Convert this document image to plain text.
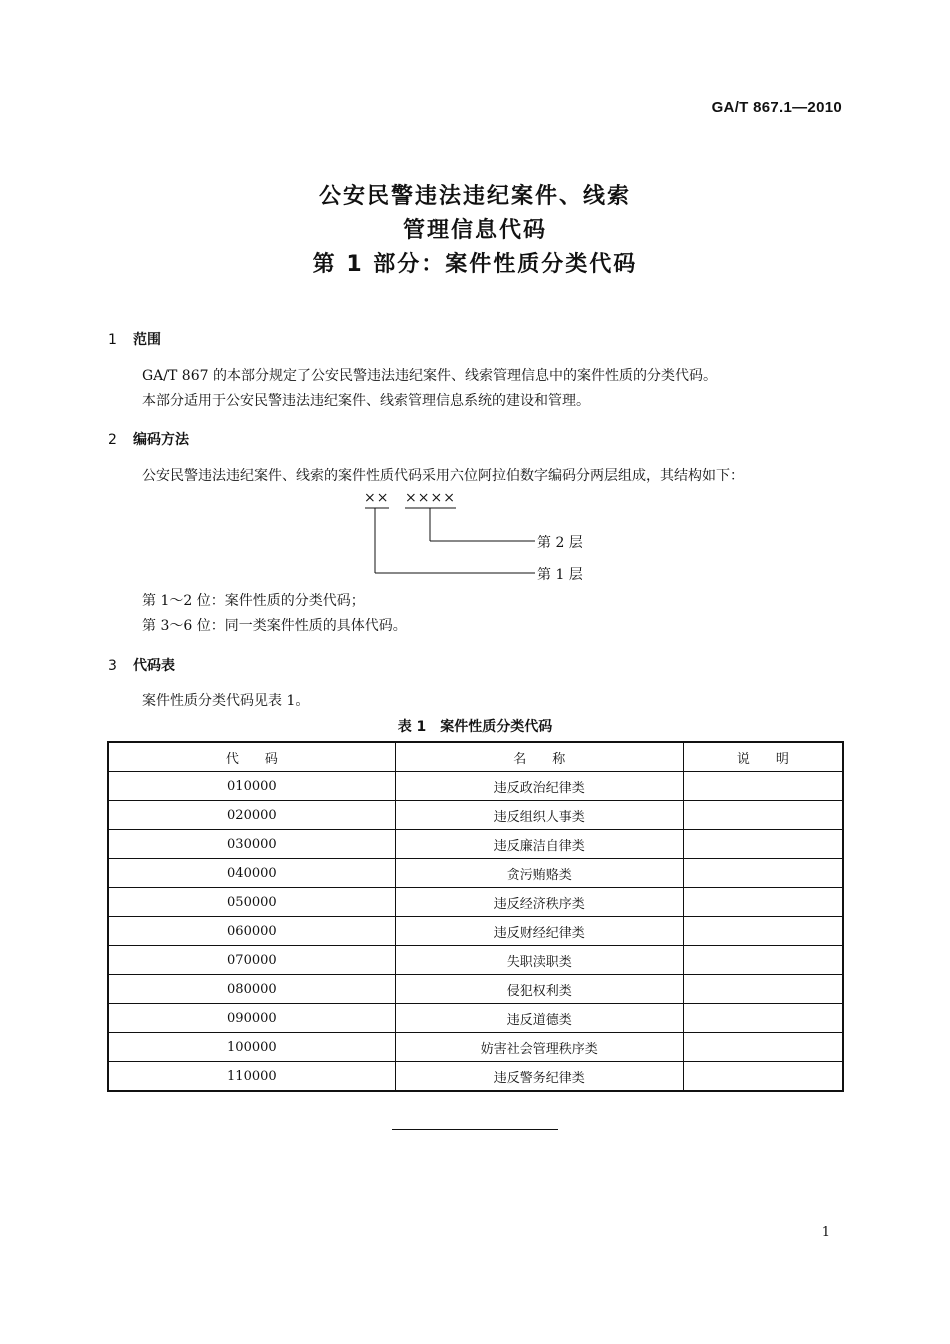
GA/T 867.1—2010
公安民警违法违纪案件、线索
管理信息代码
第 1 部分：案件性质分类代码
1 范围
GA/T 867 的本部分规定了公安民警违法违纪案件、线索管理信息中的案件性质的分类代码。
本部分适用于公安民警违法违纪案件、线索管理信息系统的建设和管理。
2 编码方法
公安民警违法违纪案件、线索的案件性质代码采用六位阿拉伯数字编码分两层组成，其结构如下：
×× ××××
第 2 层
第 1 层
第 1～2 位：案件性质的分类代码；
第 3～6 位：同一类案件性质的具体代码。
3 代码表
案件性质分类代码见表 1。
表 1　案件性质分类代码
代　　码	名　　称	说　　明
010000	违反政治纪律类	
020000	违反组织人事类	
030000	违反廉洁自律类	
040000	贪污贿赂类	
050000	违反经济秩序类	
060000	违反财经纪律类	
070000	失职渎职类	
080000	侵犯权利类	
090000	违反道德类	
100000	妨害社会管理秩序类	
110000	违反警务纪律类	
1
